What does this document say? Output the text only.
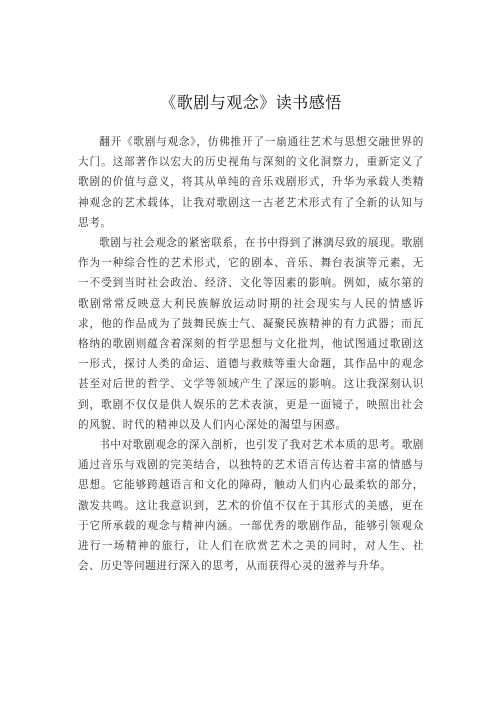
《歌剧与观念》读书感悟

翻开《歌剧与观念》，仿佛推开了一扇通往艺术与思想交融世界的大门。这部著作以宏大的历史视角与深刻的文化洞察力，重新定义了歌剧的价值与意义，将其从单纯的音乐戏剧形式，升华为承载人类精神观念的艺术载体，让我对歌剧这一古老艺术形式有了全新的认知与思考。

歌剧与社会观念的紧密联系，在书中得到了淋漓尽致的展现。歌剧作为一种综合性的艺术形式，它的剧本、音乐、舞台表演等元素，无一不受到当时社会政治、经济、文化等因素的影响。例如，威尔第的歌剧常常反映意大利民族解放运动时期的社会现实与人民的情感诉求，他的作品成为了鼓舞民族士气、凝聚民族精神的有力武器；而瓦格纳的歌剧则蕴含着深刻的哲学思想与文化批判，他试图通过歌剧这一形式，探讨人类的命运、道德与救赎等重大命题，其作品中的观念甚至对后世的哲学、文学等领域产生了深远的影响。这让我深刻认识到，歌剧不仅仅是供人娱乐的艺术表演，更是一面镜子，映照出社会的风貌、时代的精神以及人们内心深处的渴望与困惑。

书中对歌剧观念的深入剖析，也引发了我对艺术本质的思考。歌剧通过音乐与戏剧的完美结合，以独特的艺术语言传达着丰富的情感与思想。它能够跨越语言和文化的障碍，触动人们内心最柔软的部分，激发共鸣。这让我意识到，艺术的价值不仅在于其形式的美感，更在于它所承载的观念与精神内涵。一部优秀的歌剧作品，能够引领观众进行一场精神的旅行，让人们在欣赏艺术之美的同时，对人生、社会、历史等问题进行深入的思考，从而获得心灵的滋养与升华。
